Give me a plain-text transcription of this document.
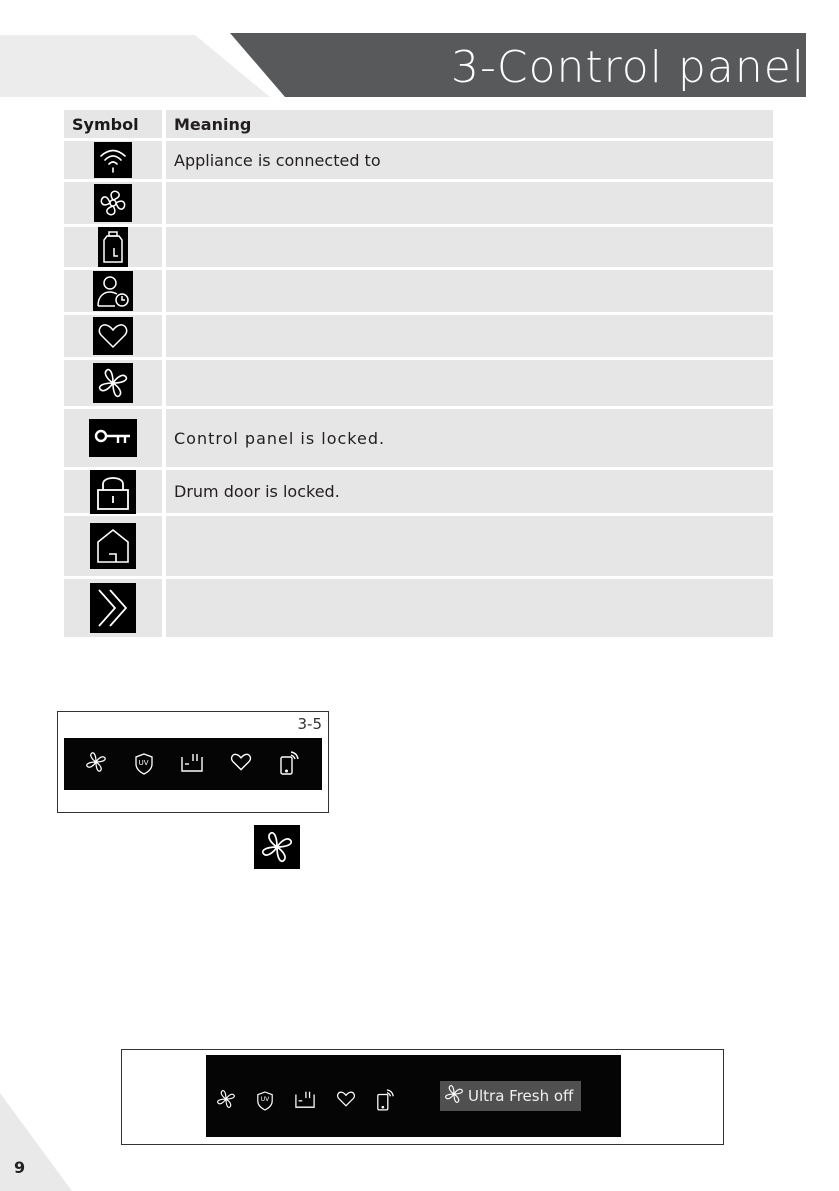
3-Control panel
Symbol	Meaning
Appliance is connected to
Control panel is locked.
Drum door is locked.
3-5
UV
UV	Ultra Fresh off
9
